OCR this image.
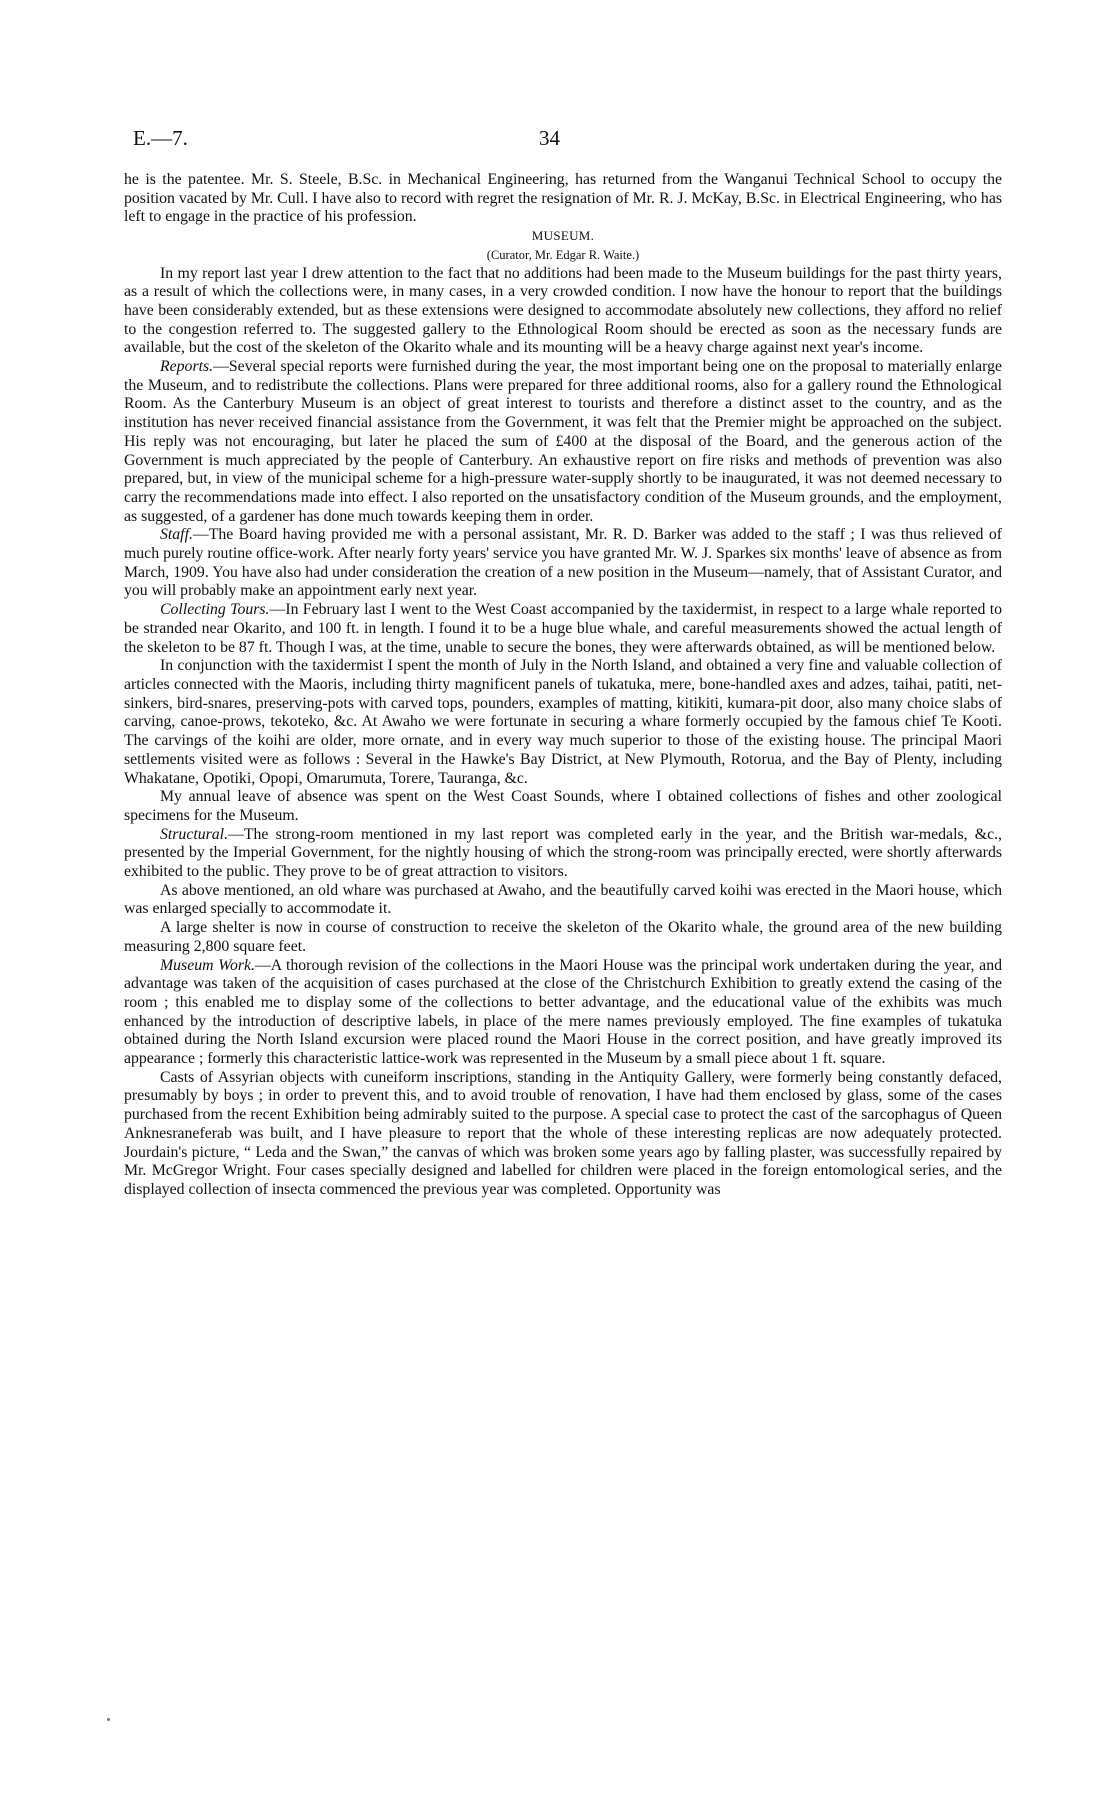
E.—7.	34

he is the patentee. Mr. S. Steele, B.Sc. in Mechanical Engineering, has returned from the Wanganui Technical School to occupy the position vacated by Mr. Cull. I have also to record with regret the resignation of Mr. R. J. McKay, B.Sc. in Electrical Engineering, who has left to engage in the practice of his profession.

MUSEUM.
(Curator, Mr. Edgar R. Waite.)

In my report last year I drew attention to the fact that no additions had been made to the Museum buildings for the past thirty years, as a result of which the collections were, in many cases, in a very crowded condition. I now have the honour to report that the buildings have been considerably extended, but as these extensions were designed to accommodate absolutely new collections, they afford no relief to the congestion referred to. The suggested gallery to the Ethnological Room should be erected as soon as the necessary funds are available, but the cost of the skeleton of the Okarito whale and its mounting will be a heavy charge against next year's income.

Reports.—Several special reports were furnished during the year, the most important being one on the proposal to materially enlarge the Museum, and to redistribute the collections. Plans were prepared for three additional rooms, also for a gallery round the Ethnological Room. As the Canterbury Museum is an object of great interest to tourists and therefore a distinct asset to the country, and as the institution has never received financial assistance from the Government, it was felt that the Premier might be approached on the subject. His reply was not encouraging, but later he placed the sum of £400 at the disposal of the Board, and the generous action of the Government is much appreciated by the people of Canterbury. An exhaustive report on fire risks and methods of prevention was also prepared, but, in view of the municipal scheme for a high-pressure water-supply shortly to be inaugurated, it was not deemed necessary to carry the recommendations made into effect. I also reported on the unsatisfactory condition of the Museum grounds, and the employment, as suggested, of a gardener has done much towards keeping them in order.

Staff.—The Board having provided me with a personal assistant, Mr. R. D. Barker was added to the staff ; I was thus relieved of much purely routine office-work. After nearly forty years' service you have granted Mr. W. J. Sparkes six months' leave of absence as from March, 1909. You have also had under consideration the creation of a new position in the Museum—namely, that of Assistant Curator, and you will probably make an appointment early next year.

Collecting Tours.—In February last I went to the West Coast accompanied by the taxidermist, in respect to a large whale reported to be stranded near Okarito, and 100 ft. in length. I found it to be a huge blue whale, and careful measurements showed the actual length of the skeleton to be 87 ft. Though I was, at the time, unable to secure the bones, they were afterwards obtained, as will be mentioned below.

In conjunction with the taxidermist I spent the month of July in the North Island, and obtained a very fine and valuable collection of articles connected with the Maoris, including thirty magnificent panels of tukatuka, mere, bone-handled axes and adzes, taihai, patiti, net-sinkers, bird-snares, preserving-pots with carved tops, pounders, examples of matting, kitikiti, kumara-pit door, also many choice slabs of carving, canoe-prows, tekoteko, &c. At Awaho we were fortunate in securing a whare formerly occupied by the famous chief Te Kooti. The carvings of the koihi are older, more ornate, and in every way much superior to those of the existing house. The principal Maori settlements visited were as follows : Several in the Hawke's Bay District, at New Plymouth, Rotorua, and the Bay of Plenty, including Whakatane, Opotiki, Opopi, Omarumuta, Torere, Tauranga, &c.

My annual leave of absence was spent on the West Coast Sounds, where I obtained collections of fishes and other zoological specimens for the Museum.

Structural.—The strong-room mentioned in my last report was completed early in the year, and the British war-medals, &c., presented by the Imperial Government, for the nightly housing of which the strong-room was principally erected, were shortly afterwards exhibited to the public. They prove to be of great attraction to visitors.

As above mentioned, an old whare was purchased at Awaho, and the beautifully carved koihi was erected in the Maori house, which was enlarged specially to accommodate it.

A large shelter is now in course of construction to receive the skeleton of the Okarito whale, the ground area of the new building measuring 2,800 square feet.

Museum Work.—A thorough revision of the collections in the Maori House was the principal work undertaken during the year, and advantage was taken of the acquisition of cases purchased at the close of the Christchurch Exhibition to greatly extend the casing of the room ; this enabled me to display some of the collections to better advantage, and the educational value of the exhibits was much enhanced by the introduction of descriptive labels, in place of the mere names previously employed. The fine examples of tukatuka obtained during the North Island excursion were placed round the Maori House in the correct position, and have greatly improved its appearance ; formerly this characteristic lattice-work was represented in the Museum by a small piece about 1 ft. square.

Casts of Assyrian objects with cuneiform inscriptions, standing in the Antiquity Gallery, were formerly being constantly defaced, presumably by boys ; in order to prevent this, and to avoid trouble of renovation, I have had them enclosed by glass, some of the cases purchased from the recent Exhibition being admirably suited to the purpose. A special case to protect the cast of the sarcophagus of Queen Anknesraneferab was built, and I have pleasure to report that the whole of these interesting replicas are now adequately protected. Jourdain's picture, “ Leda and the Swan,” the canvas of which was broken some years ago by falling plaster, was successfully repaired by Mr. McGregor Wright. Four cases specially designed and labelled for children were placed in the foreign entomological series, and the displayed collection of insecta commenced the previous year was completed. Opportunity was
